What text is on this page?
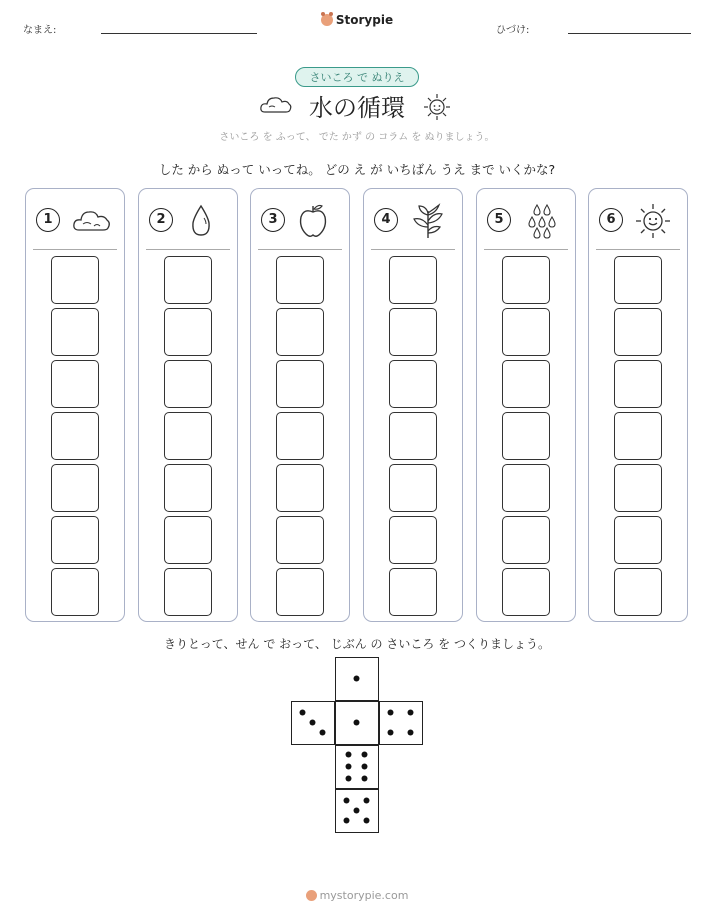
なまえ:
Storypie
ひづけ:
さいころ で ぬりえ
水の循環
さいころ を ふって、 でた かず の コラム を ぬりましょう。
した から ぬって いってね。 どの え が いちばん うえ まで いくかな?
1	2	3	4	5	6
きりとって、せん で おって、 じぶん の さいころ を つくりましょう。
mystorypie.com
